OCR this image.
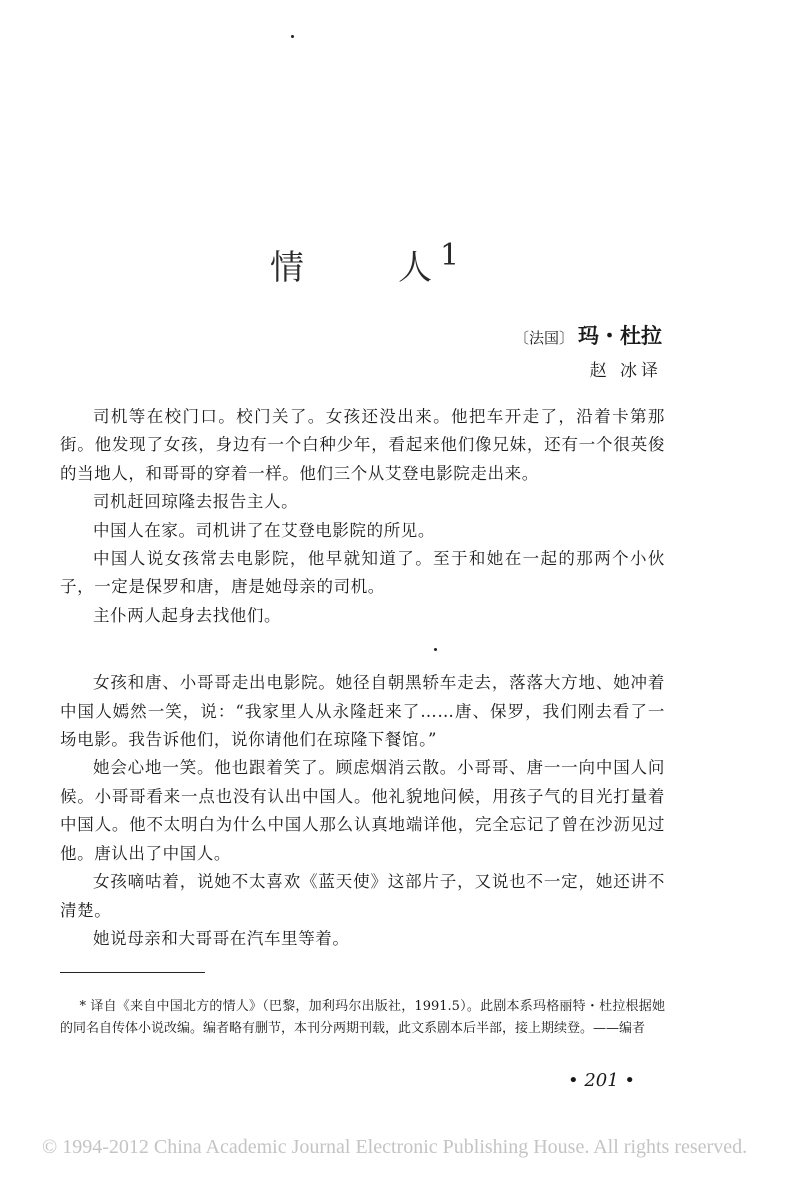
情	人 1
〔法国〕 玛・杜拉
赵 冰译

司机等在校门口。校门关了。女孩还没出来。他把车开走了，沿着卡第那街。他发现了女孩，身边有一个白种少年，看起来他们像兄妹，还有一个很英俊的当地人，和哥哥的穿着一样。他们三个从艾登电影院走出来。

司机赶回琼隆去报告主人。

中国人在家。司机讲了在艾登电影院的所见。

中国人说女孩常去电影院，他早就知道了。至于和她在一起的那两个小伙子，一定是保罗和唐，唐是她母亲的司机。

主仆两人起身去找他们。

女孩和唐、小哥哥走出电影院。她径自朝黑轿车走去，落落大方地、她冲着中国人嫣然一笑，说：“我家里人从永隆赶来了……唐、保罗，我们刚去看了一场电影。我告诉他们，说你请他们在琼隆下餐馆。”

她会心地一笑。他也跟着笑了。顾虑烟消云散。小哥哥、唐一一向中国人问候。小哥哥看来一点也没有认出中国人。他礼貌地问候，用孩子气的目光打量着中国人。他不太明白为什么中国人那么认真地端详他，完全忘记了曾在沙沥见过他。唐认出了中国人。

女孩嘀咕着，说她不太喜欢《蓝天使》这部片子，又说也不一定，她还讲不清楚。

她说母亲和大哥哥在汽车里等着。

* 译自《来自中国北方的情人》（巴黎，加利玛尔出版社，1991.5）。此剧本系玛格丽特・杜拉根据她的同名自传体小说改编。编者略有删节，本刊分两期刊载，此文系剧本后半部，接上期续登。——编者

• 201 •
© 1994-2012 China Academic Journal Electronic Publishing House. All rights reserved.
